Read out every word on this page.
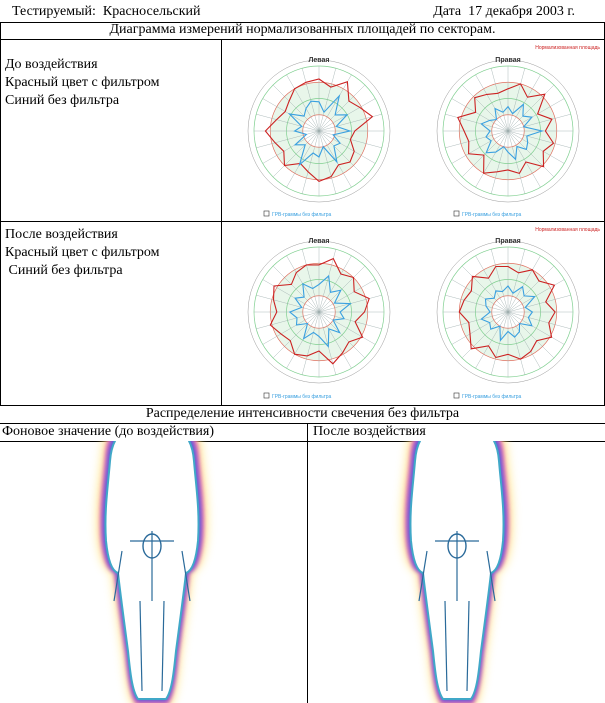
Тестируемый: Красносельский	Дата 17 декабря 2003 г.
Диаграмма измерений нормализованных площадей по секторам.
До воздействия
Красный цвет с фильтром
Синий без фильтра
После воздействия
Красный цвет с фильтром
Синий без фильтра
Левая	Правая
Левая	Правая
Нормализованная площадь
ГРВ-граммы без фильтра	ГРВ-граммы без фильтра
Нормализованная площадь
ГРВ-граммы без фильтра	ГРВ-граммы без фильтра
Распределение интенсивности свечения без фильтра
Фоновое значение (до воздействия)	После воздействия
